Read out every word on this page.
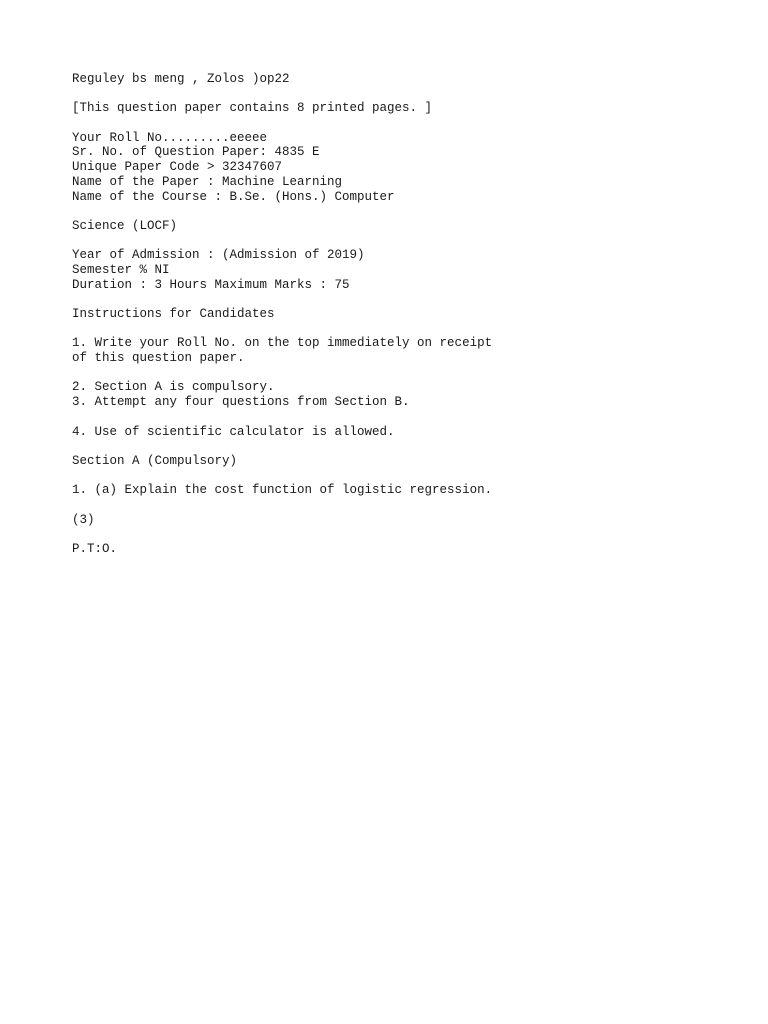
Reguley bs meng , Zolos )op22
[This question paper contains 8 printed pages. ]
Your Roll No.........eeeee
Sr. No. of Question Paper: 4835 E
Unique Paper Code > 32347607
Name of the Paper : Machine Learning
Name of the Course : B.Se. (Hons.) Computer
Science (LOCF)
Year of Admission : (Admission of 2019)
Semester % NI
Duration : 3 Hours Maximum Marks : 75
Instructions for Candidates
1. Write your Roll No. on the top immediately on receipt
of this question paper.
2. Section A is compulsory.
3. Attempt any four questions from Section B.
4. Use of scientific calculator is allowed.
Section A (Compulsory)
1. (a) Explain the cost function of logistic regression.
(3)
P.T:O.
